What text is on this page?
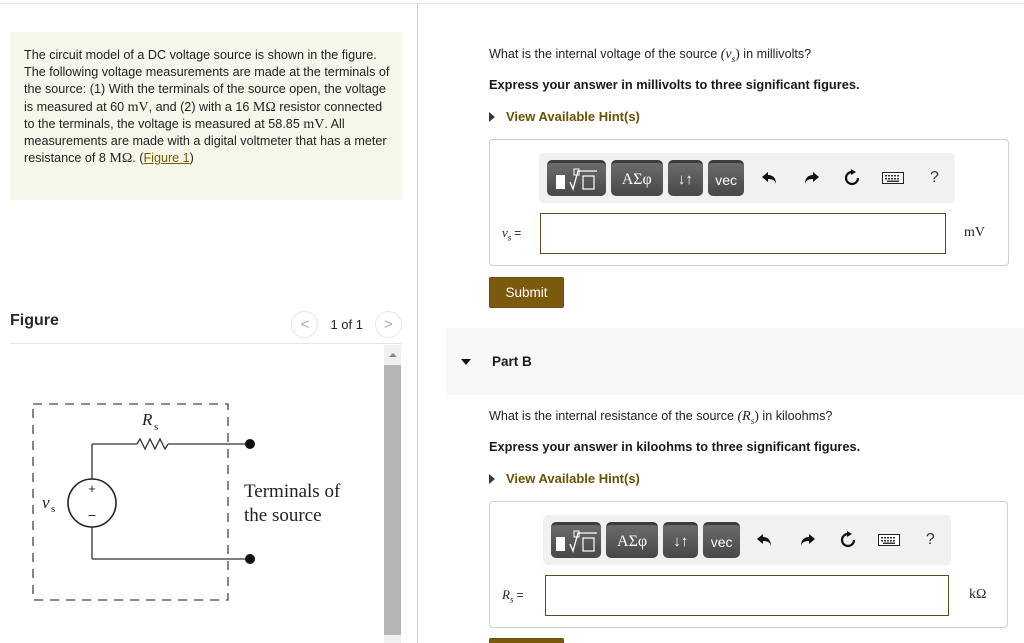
The circuit model of a DC voltage source is shown in the figure. The following voltage measurements are made at the terminals of the source: (1) With the terminals of the source open, the voltage is measured at 60 mV, and (2) with a 16 MΩ resistor connected to the terminals, the voltage is measured at 58.85 mV. All measurements are made with a digital voltmeter that has a meter resistance of 8 MΩ. (Figure 1)
Figure	< 1 of 1 >
+
−
R s
v s
Terminals of
the source
What is the internal voltage of the source $(v_s)$ in millivolts?
Express your answer in millivolts to three significant figures.
View Available Hint(s)
ΑΣφ	↓↑	vec	?
$v_s$ =	mV
Submit
Part B
What is the internal resistance of the source $(R_s)$ in kiloohms?
Express your answer in kiloohms to three significant figures.
View Available Hint(s)
ΑΣφ	↓↑	vec	?
$R_s$ =	kΩ
